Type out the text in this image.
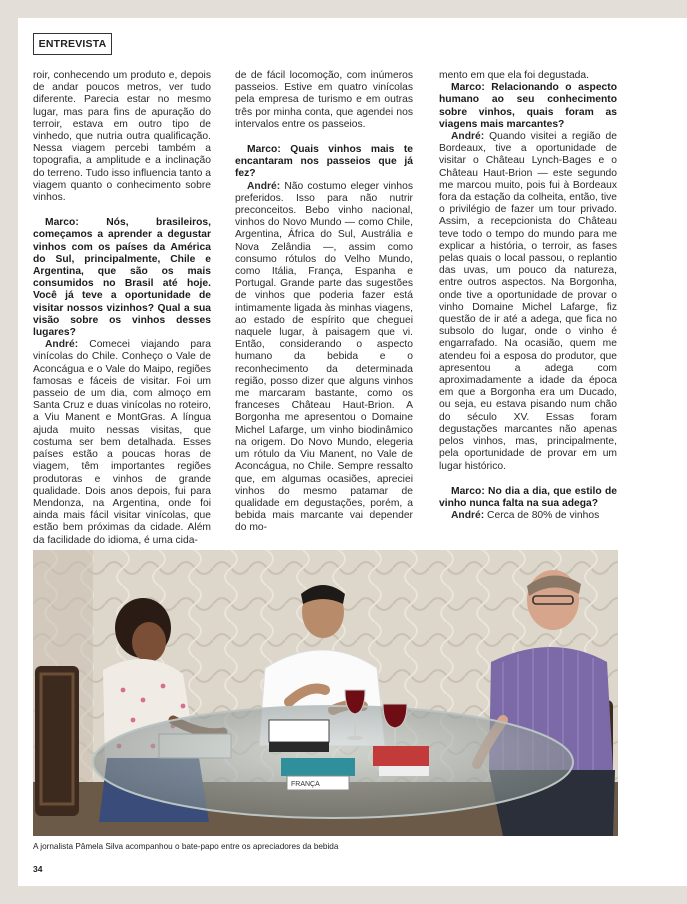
ENTREVISTA

roir, conhecendo um produto e, depois de andar poucos metros, ver tudo diferente. Parecia estar no mesmo lugar, mas para fins de apuração do terroir, estava em outro tipo de vinhedo, que nutria outra qualificação. Nessa viagem percebi também a topografia, a amplitude e a inclinação do terreno. Tudo isso influencia tanto a viagem quanto o conhecimento sobre vinhos.

Marco: Nós, brasileiros, começamos a aprender a degustar vinhos com os países da América do Sul, principalmente, Chile e Argentina, que são os mais consumidos no Brasil até hoje. Você já teve a oportunidade de visitar nossos vizinhos? Qual a sua visão sobre os vinhos desses lugares?

André: Comecei viajando para vinícolas do Chile. Conheço o Vale de Aconcágua e o Vale do Maipo, regiões famosas e fáceis de visitar. Foi um passeio de um dia, com almoço em Santa Cruz e duas vinícolas no roteiro, a Viu Manent e MontGras. A língua ajuda muito nessas visitas, que costuma ser bem detalhada. Esses países estão a poucas horas de viagem, têm importantes regiões produtoras e vinhos de grande qualidade. Dois anos depois, fui para Mendonza, na Argentina, onde foi ainda mais fácil visitar vinícolas, que estão bem próximas da cidade. Além da facilidade do idioma, é uma cida-

de de fácil locomoção, com inúmeros passeios. Estive em quatro vinícolas pela empresa de turismo e em outras três por minha conta, que agendei nos intervalos entre os passeios.

Marco: Quais vinhos mais te encantaram nos passeios que já fez?

André: Não costumo eleger vinhos preferidos. Isso para não nutrir preconceitos. Bebo vinho nacional, vinhos do Novo Mundo — como Chile, Argentina, África do Sul, Austrália e Nova Zelândia —, assim como consumo rótulos do Velho Mundo, como Itália, França, Espanha e Portugal. Grande parte das sugestões de vinhos que poderia fazer está intimamente ligada às minhas viagens, ao estado de espírito que cheguei naquele lugar, à paisagem que vi. Então, considerando o aspecto humano da bebida e o reconhecimento da determinada região, posso dizer que alguns vinhos me marcaram bastante, como os franceses Château Haut-Brion. A Borgonha me apresentou o Domaine Michel Lafarge, um vinho biodinâmico na origem. Do Novo Mundo, elegeria um rótulo da Viu Manent, no Vale de Aconcágua, no Chile. Sempre ressalto que, em algumas ocasiões, apreciei vinhos do mesmo patamar de qualidade em degustações, porém, a bebida mais marcante vai depender do mo-

mento em que ela foi degustada.

Marco: Relacionando o aspecto humano ao seu conhecimento sobre vinhos, quais foram as viagens mais marcantes?

André: Quando visitei a região de Bordeaux, tive a oportunidade de visitar o Château Lynch-Bages e o Château Haut-Brion — este segundo me marcou muito, pois fui à Bordeaux fora da estação da colheita, então, tive o privilégio de fazer um tour privado. Assim, a recepcionista do Château teve todo o tempo do mundo para me explicar a história, o terroir, as fases pelas quais o local passou, o replantio das uvas, um pouco da natureza, entre outros aspectos. Na Borgonha, onde tive a oportunidade de provar o vinho Domaine Michel Lafarge, fiz questão de ir até a adega, que fica no subsolo do lugar, onde o vinho é engarrafado. Na ocasião, quem me atendeu foi a esposa do produtor, que apresentou a adega com aproximadamente a idade da época em que a Borgonha era um Ducado, ou seja, eu estava pisando num chão do século XV. Essas foram degustações marcantes não apenas pelos vinhos, mas, principalmente, pela oportunidade de provar em um lugar histórico.

Marco: No dia a dia, que estilo de vinho nunca falta na sua adega?

André: Cerca de 80% de vinhos

FRANÇA
A jornalista Pâmela Silva acompanhou o bate-papo entre os apreciadores da bebida
34
